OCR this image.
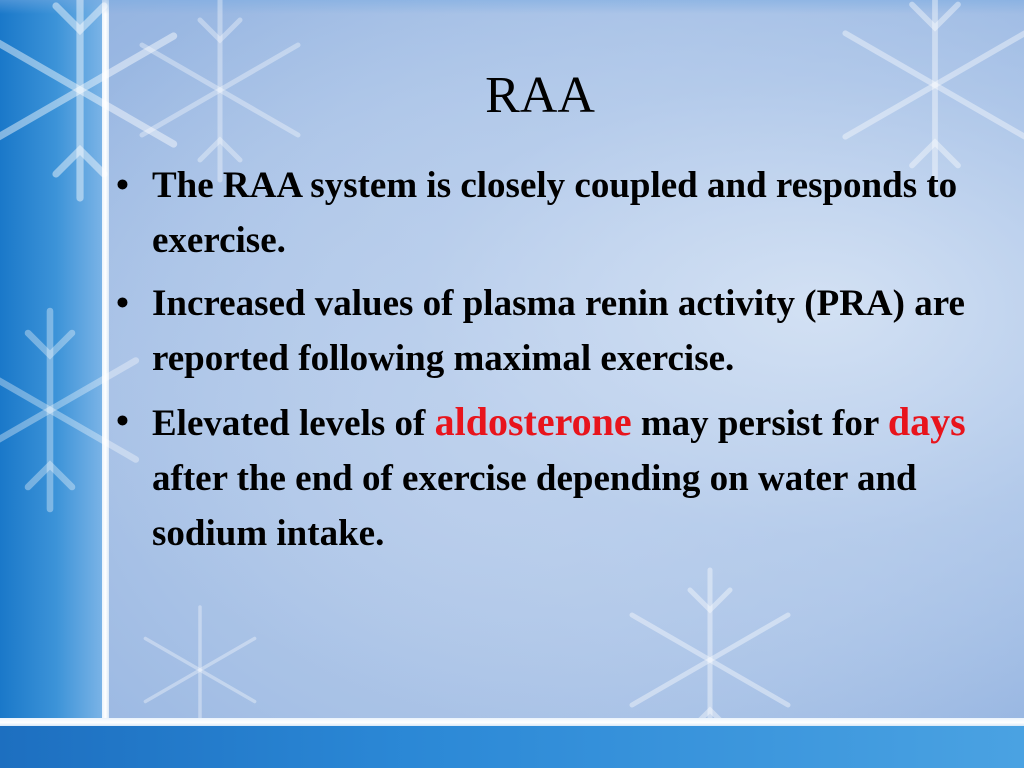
RAA
• The RAA system is closely coupled and responds to exercise.
• Increased values of plasma renin activity (PRA) are reported following maximal exercise.
• Elevated levels of aldosterone may persist for days after the end of exercise depending on water and sodium intake.
